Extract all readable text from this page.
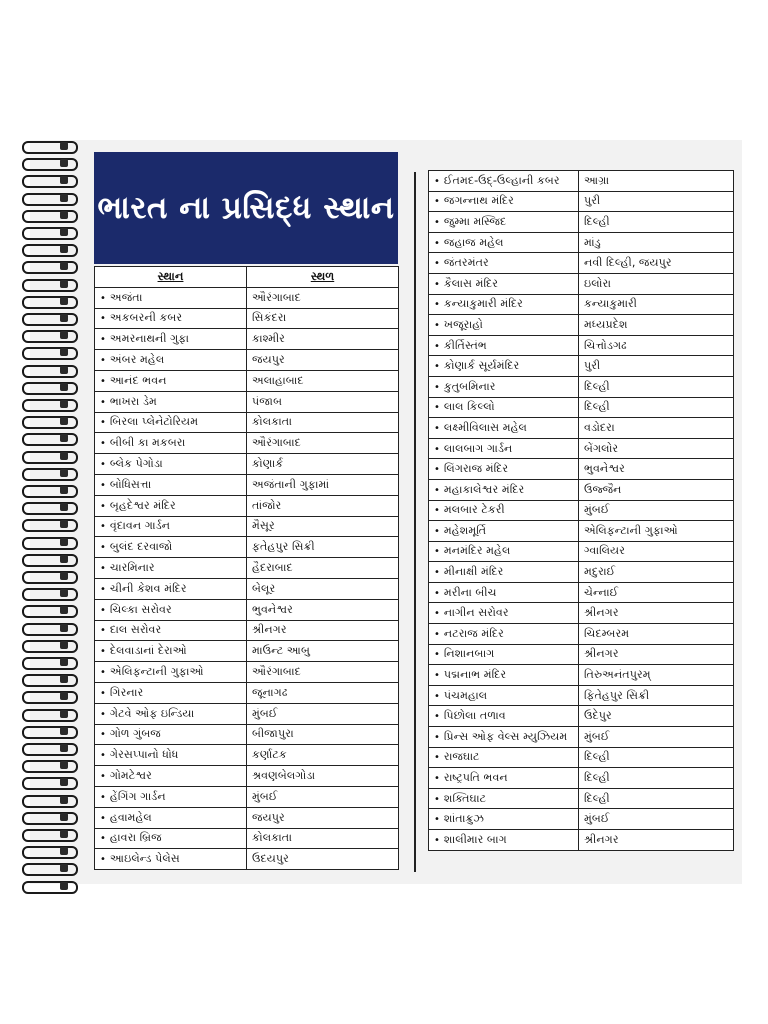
ભારત ના પ્રસિદ્ધ સ્થાન
સ્થાન	સ્થળ
• અજંતા	ઔરંગાબાદ
• અકબરની કબર	સિકંદરા
• અમરનાથની ગુફા	કાશ્મીર
• અંબર મહેલ	જયપુર
• આનંદ ભવન	અલાહાબાદ
• ભાખરા ડેમ	પંજાબ
• બિરલા પ્લેનેટોરિયમ	કોલકાતા
• બીબી કા મકબરા	ઔરંગાબાદ
• બ્લેક પેગોડા	કોણાર્ક
• બોધિસત્તા	અજંતાની ગુફામાં
• બૃહદેશ્વર મંદિર	તાંજોર
• વૃંદાવન ગાર્ડન	મૈસૂર
• બુલંદ દરવાજો	ફતેહપુર સિક્રી
• ચારમિનાર	હૈદરાબાદ
• ચીની કેશવ મંદિર	બેલૂર
• ચિલ્કા સરોવર	ભુવનેશ્વર
• દાલ સરોવર	શ્રીનગર
• દેલવાડાનાં દેરાઓ	માઉન્ટ આબુ
• એલિફન્ટાની ગુફાઓ	ઔરંગાબાદ
• ગિરનાર	જૂનાગઢ
• ગેટવે ઓફ ઇન્ડિયા	મુંબઈ
• ગોળ ગુંબજ	બીજાપુરા
• ગેરસપ્પાનો ધોધ	કર્ણાટક
• ગોમટેશ્વર	શ્રવણબેલગોડા
• હેંગિંગ ગાર્ડન	મુંબઈ
• હવામહેલ	જયપુર
• હાવરા બ્રિજ	કોલકાતા
• આઇલેન્ડ પેલેસ	ઉદયપુર
• ઈતમદ-ઉદ્-ઉલ્હાની કબર	આગ્રા
• જગન્નાથ મંદિર	પુરી
• જુમ્મા મસ્જિદ	દિલ્હી
• જહાજ મહેલ	માંડુ
• જંતરમંતર	નવી દિલ્હી, જયપુર
• કૈલાસ મંદિર	ઇલોરા
• કન્યાકુમારી મંદિર	કન્યાકુમારી
• ખજૂરાહો	મધ્યપ્રદેશ
• કીર્તિસ્તંભ	ચિત્તોડગઢ
• કોણાર્ક સૂર્યમંદિર	પુરી
• કુતુબમિનાર	દિલ્હી
• લાલ કિલ્લો	દિલ્હી
• લક્ષ્મીવિલાસ મહેલ	વડોદરા
• લાલબાગ ગાર્ડન	બેંગલોર
• લિંગરાજ મંદિર	ભુવનેશ્વર
• મહાકાલેશ્વર મંદિર	ઉજ્જૈન
• મલબાર ટેકરી	મુંબઈ
• મહેશમૂર્તિ	એલિફન્ટાની ગુફાઓ
• મનમંદિર મહેલ	ગ્વાલિયર
• મીનાક્ષી મંદિર	મદુરાઈ
• મરીના બીચ	ચેન્નાઈ
• નાગીન સરોવર	શ્રીનગર
• નટરાજ મંદિર	ચિદમ્બરમ
• નિશાનબાગ	શ્રીનગર
• પદ્મનાભ મંદિર	તિરુઅનંતપુરમ્
• પંચમહાલ	ફિતેહપુર સિક્રી
• પિછોલા તળાવ	ઉદેપુર
• પ્રિન્સ ઓફ વેલ્સ મ્યુઝિયમ	મુંબઈ
• રાજઘાટ	દિલ્હી
• રાષ્ટ્રપતિ ભવન	દિલ્હી
• શક્તિઘાટ	દિલ્હી
• શાંતાક્રુઝ	મુંબઈ
• શાલીમાર બાગ	શ્રીનગર
